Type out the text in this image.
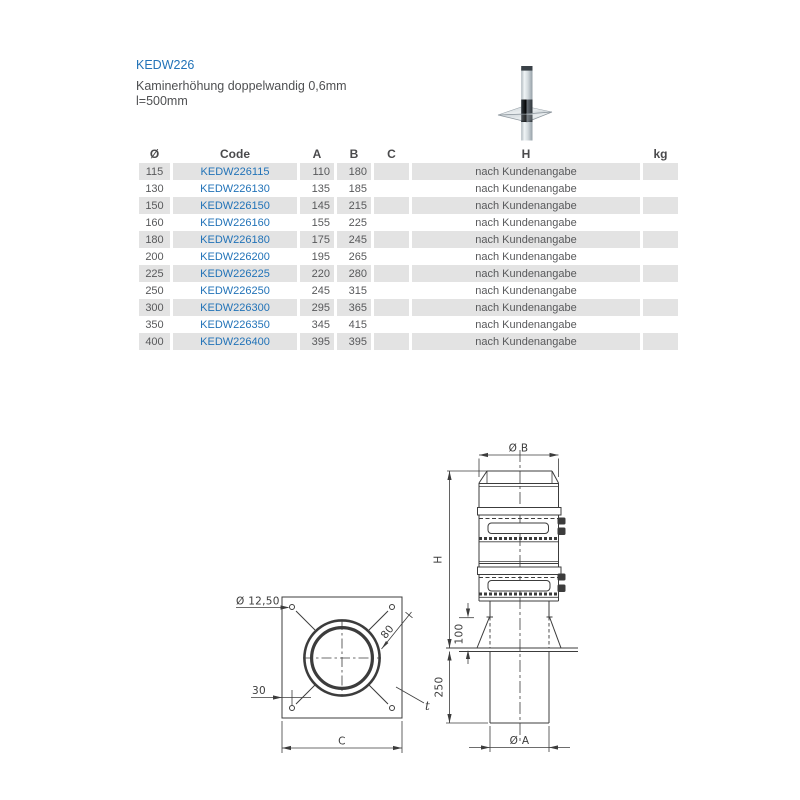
KEDW226
Kaminerhöhung doppelwandig 0,6mm
l=500mm
Ø	Code	A	B	C	H	kg
115	KEDW226115	110	180		nach Kundenangabe	
130	KEDW226130	135	185		nach Kundenangabe	
150	KEDW226150	145	215		nach Kundenangabe	
160	KEDW226160	155	225		nach Kundenangabe	
180	KEDW226180	175	245		nach Kundenangabe	
200	KEDW226200	195	265		nach Kundenangabe	
225	KEDW226225	220	280		nach Kundenangabe	
250	KEDW226250	245	315		nach Kundenangabe	
300	KEDW226300	295	365		nach Kundenangabe	
350	KEDW226350	345	415		nach Kundenangabe	
400	KEDW226400	395	395		nach Kundenangabe	
Ø 12,50
30
C
80
t
Ø B
H
100
250
Ø A
